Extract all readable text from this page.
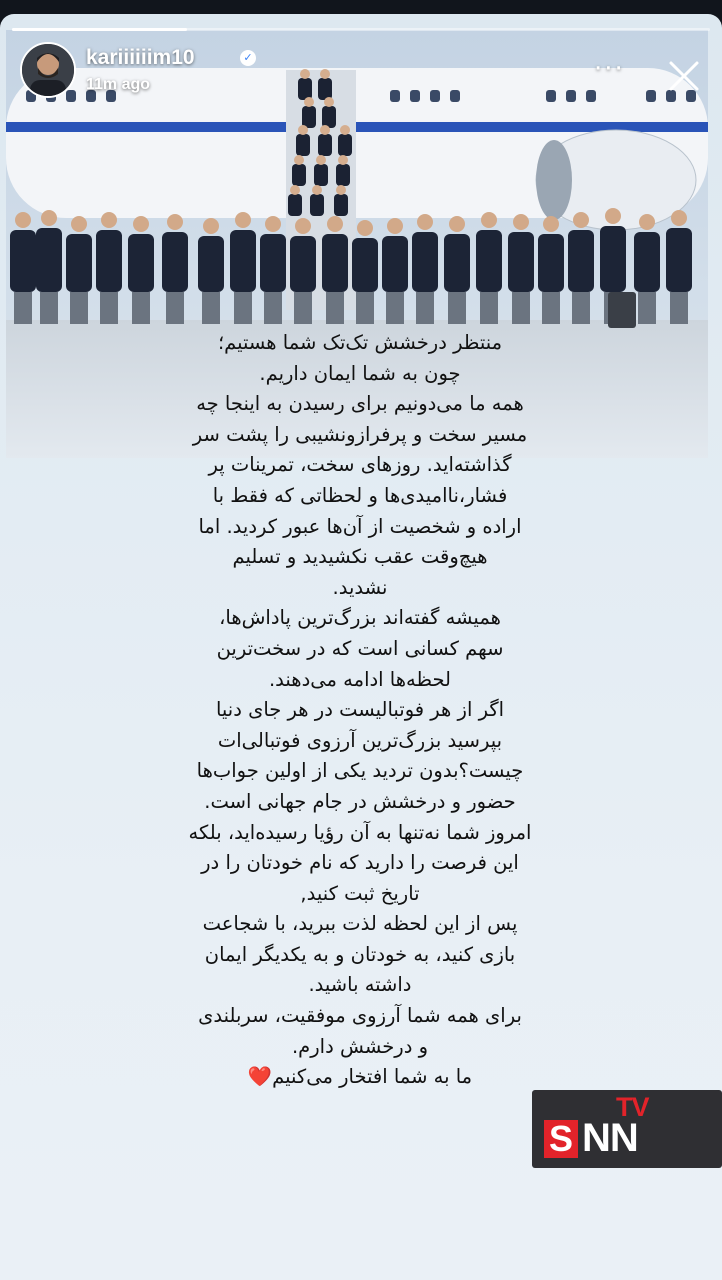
kariiiiiim10	✓
11m ago
···
منتظر درخشش تک‌تک شما هستیم؛
چون به شما ایمان داریم.
همه ما می‌دونیم برای رسیدن به اینجا چه
مسیر سخت و پرفرازونشیبی را پشت سر
گذاشته‌اید. روزهای سخت، تمرینات پر
فشار،ناامیدی‌ها و لحظاتی که فقط با
اراده و شخصیت از آن‌ها عبور کردید. اما
هیچ‌وقت عقب نکشیدید و تسلیم
نشدید.
همیشه گفته‌اند بزرگ‌ترین پاداش‌ها،
سهم کسانی است که در سخت‌ترین
لحظه‌ها ادامه می‌دهند.
اگر از هر فوتبالیست در هر جای دنیا
بپرسید بزرگ‌ترین آرزوی فوتبالی‌ات
چیست؟بدون تردید یکی از اولین جواب‌ها
حضور و درخشش در جام جهانی است.
امروز شما نه‌تنها به آن رؤیا رسیده‌اید، بلکه
این فرصت را دارید که نام خودتان را در
تاریخ ثبت کنید,
پس از این لحظه لذت ببرید، با شجاعت
بازی کنید، به خودتان و به یکدیگر ایمان
داشته باشید.
برای همه شما آرزوی موفقیت، سربلندی
و درخشش دارم.
ما به شما افتخار می‌کنیم❤️
TV
S NN
